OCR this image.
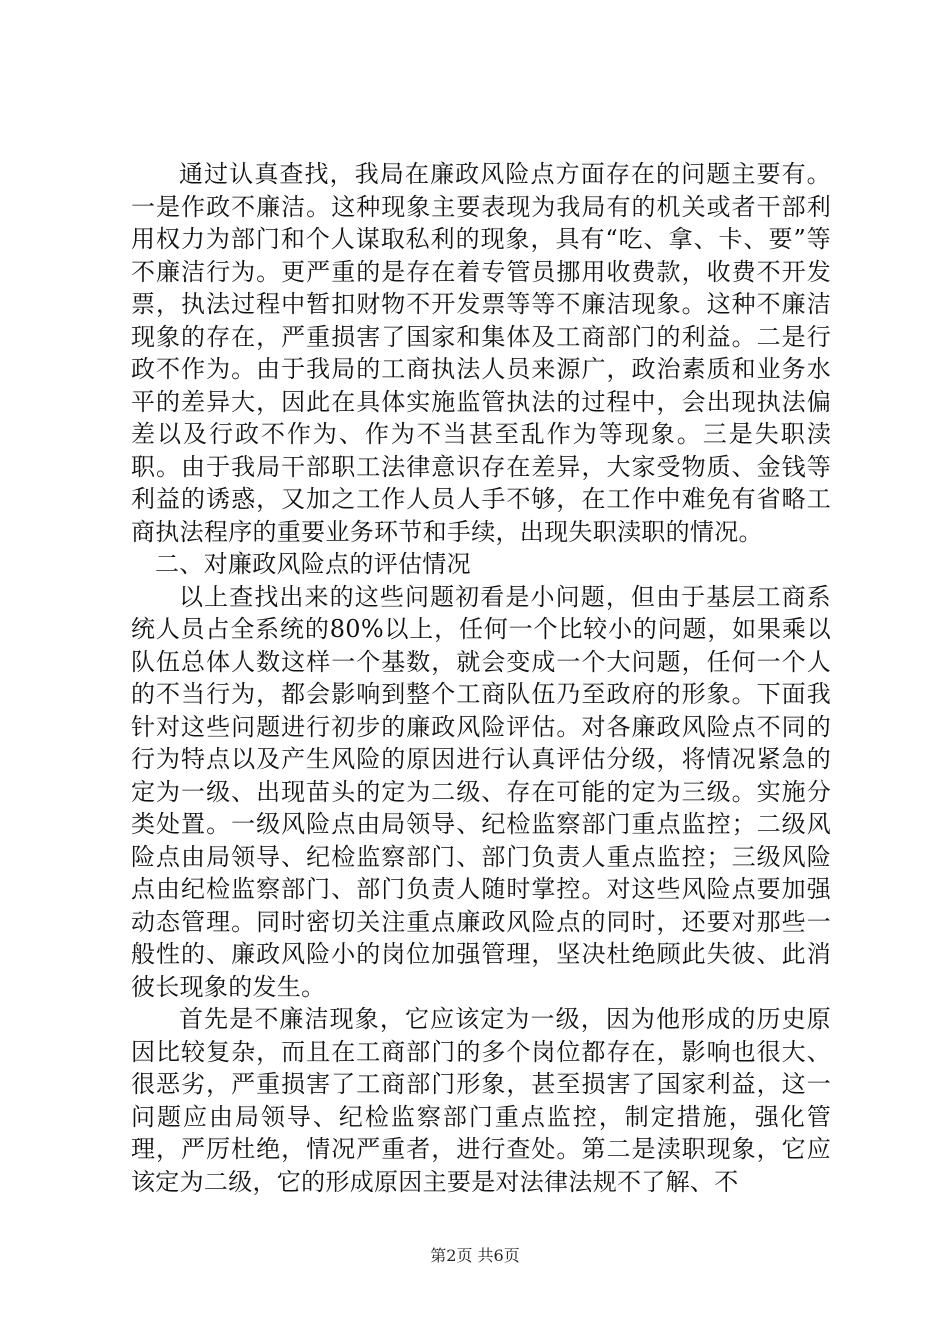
通过认真查找，我局在廉政风险点方面存在的问题主要有。一是作政不廉洁。这种现象主要表现为我局有的机关或者干部利用权力为部门和个人谋取私利的现象，具有“吃、拿、卡、要”等不廉洁行为。更严重的是存在着专管员挪用收费款，收费不开发票，执法过程中暂扣财物不开发票等等不廉洁现象。这种不廉洁现象的存在，严重损害了国家和集体及工商部门的利益。二是行政不作为。由于我局的工商执法人员来源广，政治素质和业务水平的差异大，因此在具体实施监管执法的过程中，会出现执法偏差以及行政不作为、作为不当甚至乱作为等现象。三是失职渎职。由于我局干部职工法律意识存在差异，大家受物质、金钱等利益的诱惑，又加之工作人员人手不够，在工作中难免有省略工商执法程序的重要业务环节和手续，出现失职渎职的情况。

二、对廉政风险点的评估情况

以上查找出来的这些问题初看是小问题，但由于基层工商系统人员占全系统的80%以上，任何一个比较小的问题，如果乘以队伍总体人数这样一个基数，就会变成一个大问题，任何一个人的不当行为，都会影响到整个工商队伍乃至政府的形象。下面我针对这些问题进行初步的廉政风险评估。对各廉政风险点不同的行为特点以及产生风险的原因进行认真评估分级，将情况紧急的定为一级、出现苗头的定为二级、存在可能的定为三级。实施分类处置。一级风险点由局领导、纪检监察部门重点监控；二级风险点由局领导、纪检监察部门、部门负责人重点监控；三级风险点由纪检监察部门、部门负责人随时掌控。对这些风险点要加强动态管理。同时密切关注重点廉政风险点的同时，还要对那些一般性的、廉政风险小的岗位加强管理，坚决杜绝顾此失彼、此消彼长现象的发生。

首先是不廉洁现象，它应该定为一级，因为他形成的历史原因比较复杂，而且在工商部门的多个岗位都存在，影响也很大、很恶劣，严重损害了工商部门形象，甚至损害了国家利益，这一问题应由局领导、纪检监察部门重点监控，制定措施，强化管理，严厉杜绝，情况严重者，进行查处。第二是渎职现象，它应该定为二级，它的形成原因主要是对法律法规不了解、不

第2页 共6页
